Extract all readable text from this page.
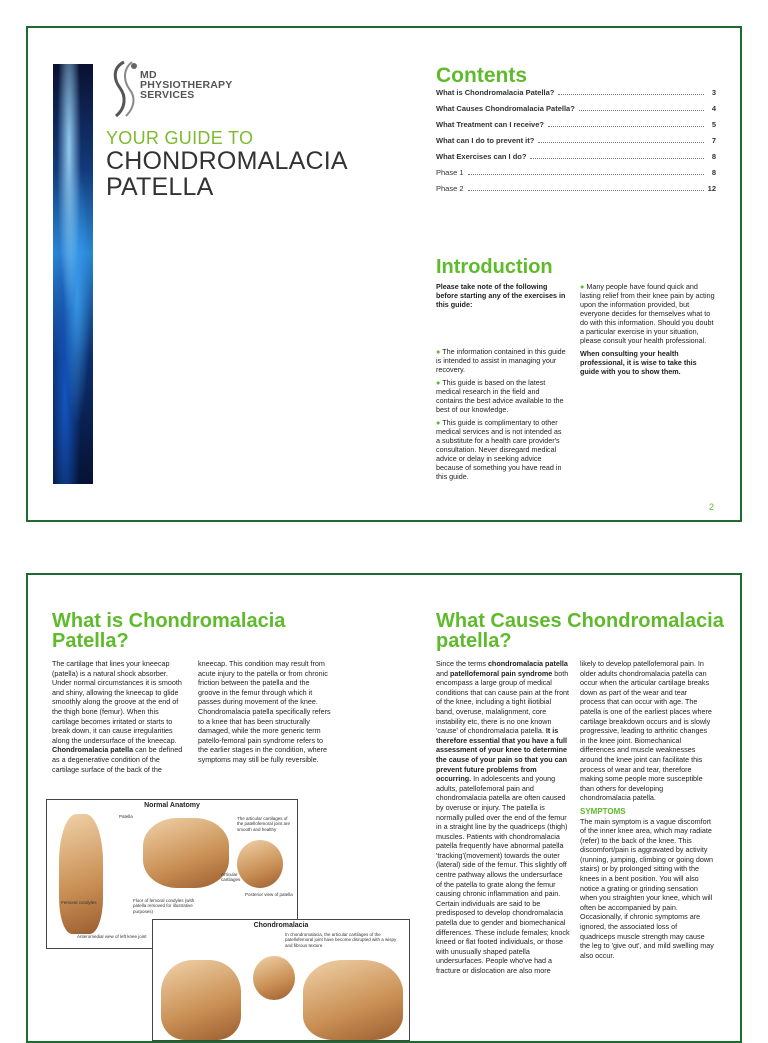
MD
PHYSIOTHERAPY
SERVICES
YOUR GUIDE TO
CHONDROMALACIA
PATELLA
Contents
What is Chondromalacia Patella?	3
What Causes Chondromalacia Patella?	4
What Treatment can I receive?	5
What can I do to prevent it?	7
What Exercises can I do?	8
Phase 1	8
Phase 2	12
Introduction

Please take note of the following before starting any of the exercises in this guide:

● The information contained in this guide is intended to assist in managing your recovery.

● This guide is based on the latest medical research in the field and contains the best advice available to the best of our knowledge.

● This guide is complimentary to other medical services and is not intended as a substitute for a health care provider's consultation. Never disregard medical advice or delay in seeking advice because of something you have read in this guide.

● Many people have found quick and lasting relief from their knee pain by acting upon the information provided, but everyone decides for themselves what to do with this information. Should you doubt a particular exercise in your situation, please consult your health professional.

When consulting your health professional, it is wise to take this guide with you to show them.

2
What is Chondromalacia Patella?

The cartilage that lines your kneecap (patella) is a natural shock absorber. Under normal circumstances it is smooth and shiny, allowing the kneecap to glide smoothly along the groove at the end of the thigh bone (femur). When this cartilage becomes irritated or starts to break down, it can cause irregularities along the undersurface of the kneecap. Chondromalacia patella can be defined as a degenerative condition of the cartilage surface of the back of the

kneecap. This condition may result from acute injury to the patella or from chronic friction between the patella and the groove in the femur through which it passes during movement of the knee. Chondromalacia patella specifically refers to a knee that has been structurally damaged, while the more generic term patello-femoral pain syndrome refers to the earlier stages in the condition, where symptoms may still be fully reversible.

Normal Anatomy
The articular cartilages of the patellofemoral joint are smooth and healthy
Patella
Femoral condyles
Articular cartilages
Posterior view of patella
Floor of femoral condyles (with patella removed for illustrative purposes)
Anteromedial view of left knee joint
Chondromalacia
In chondromalacia, the articular cartilages of the patellofemoral joint have become disrupted with a wispy and fibrous texture.
What Causes Chondromalacia patella?

Since the terms chondromalacia patella and patellofemoral pain syndrome both encompass a large group of medical conditions that can cause pain at the front of the knee, including a tight iliotibial band, overuse, malalignment, core instability etc, there is no one known 'cause' of chondromalacia patella. It is therefore essential that you have a full assessment of your knee to determine the cause of your pain so that you can prevent future problems from occurring. In adolescents and young adults, patellofemoral pain and chondromalacia patella are often caused by overuse or injury. The patella is normally pulled over the end of the femur in a straight line by the quadriceps (thigh) muscles. Patients with chondromalacia patella frequently have abnormal patella 'tracking'(movement) towards the outer (lateral) side of the femur. This slightly off centre pathway allows the undersurface of the patella to grate along the femur causing chronic inflammation and pain. Certain individuals are said to be predisposed to develop chondromalacia patella due to gender and biomechanical differences. These include females; knock kneed or flat footed individuals, or those with unusually shaped patella undersurfaces. People who've had a fracture or dislocation are also more

likely to develop patellofemoral pain. In older adults chondromalacia patella can occur when the articular cartilage breaks down as part of the wear and tear process that can occur with age. The patella is one of the earliest places where cartilage breakdown occurs and is slowly progressive, leading to arthritic changes in the knee joint. Biomechanical differences and muscle weaknesses around the knee joint can facilitate this process of wear and tear, therefore making some people more susceptible than others for developing chondromalacia patella.

SYMPTOMS

The main symptom is a vague discomfort of the inner knee area, which may radiate (refer) to the back of the knee. This discomfort/pain is aggravated by activity (running, jumping, climbing or going down stairs) or by prolonged sitting with the knees in a bent position. You will also notice a grating or grinding sensation when you straighten your knee, which will often be accompanied by pain. Occasionally, if chronic symptoms are ignored, the associated loss of quadriceps muscle strength may cause the leg to 'give out', and mild swelling may also occur.
